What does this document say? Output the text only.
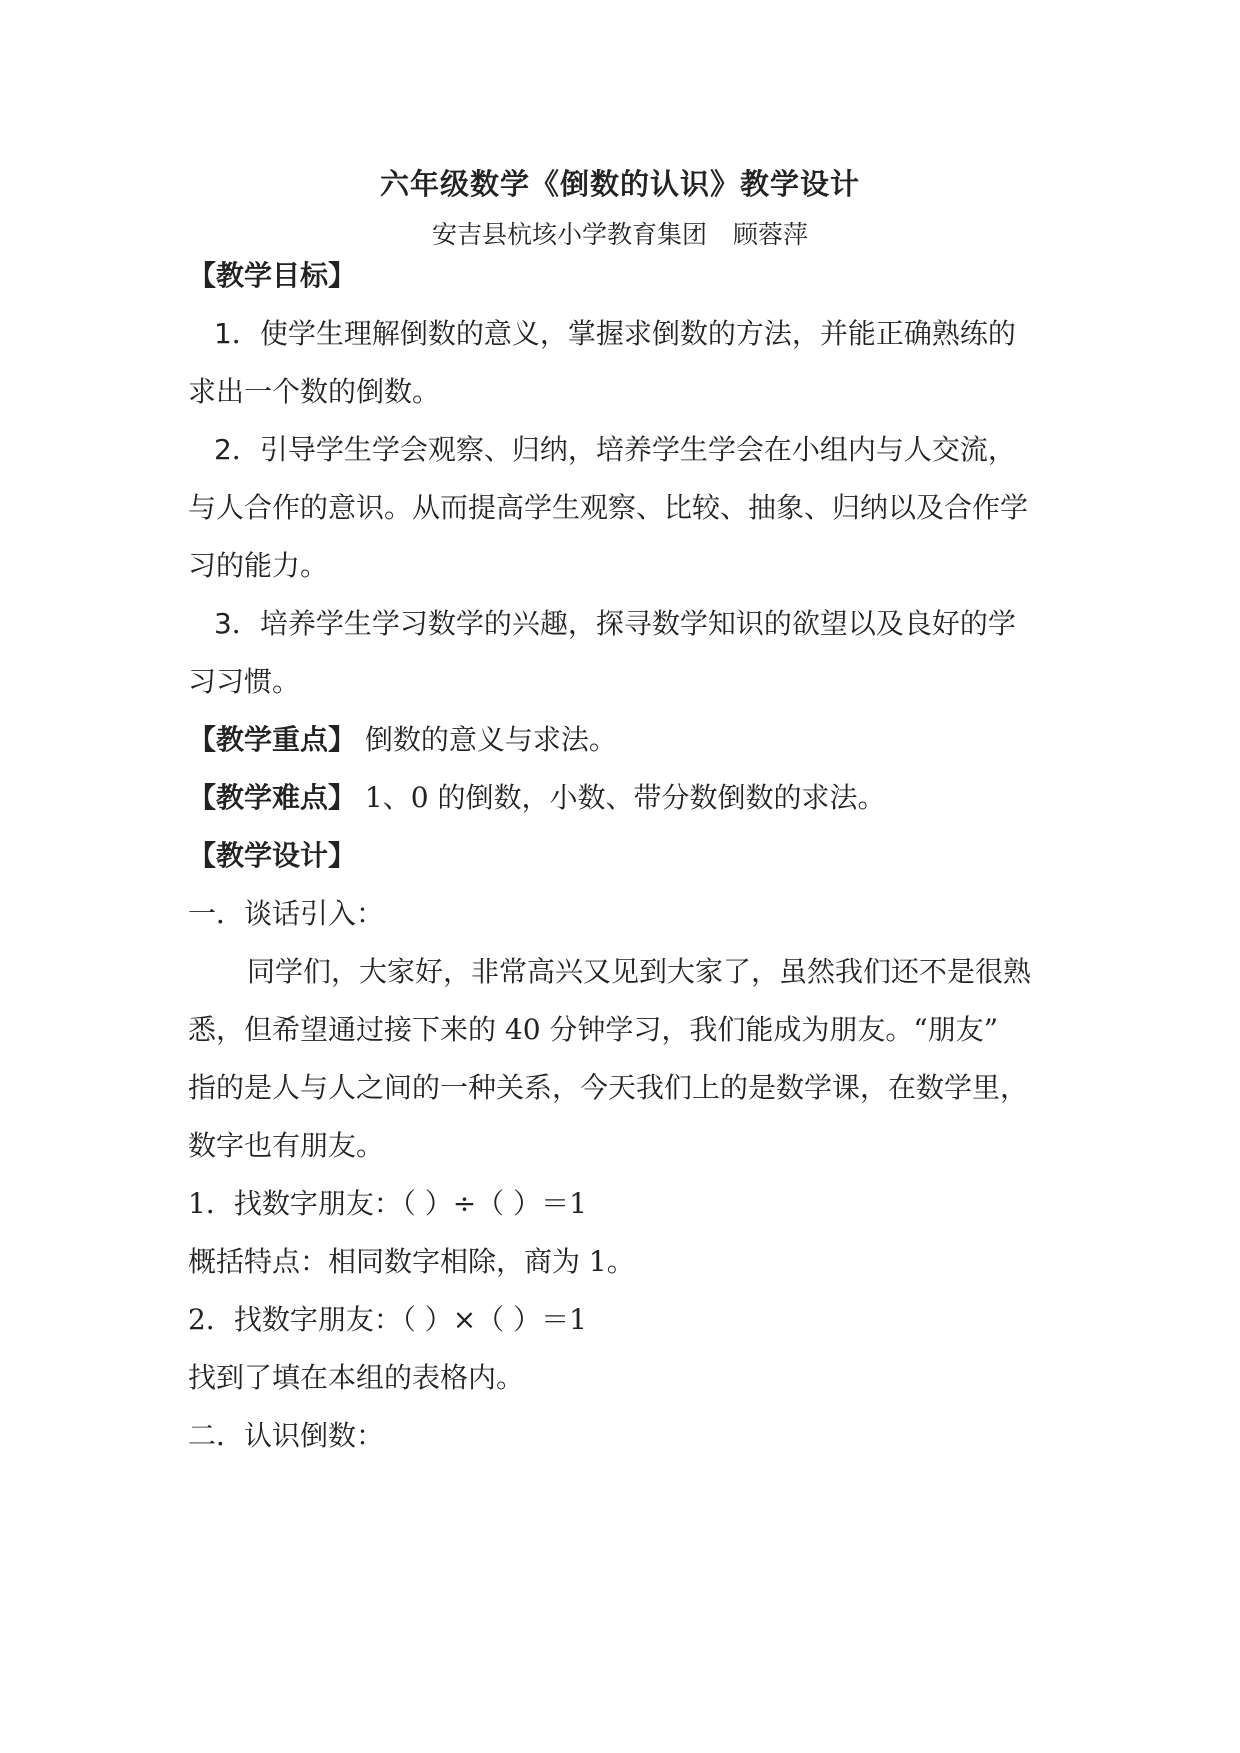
六年级数学《倒数的认识》教学设计
安吉县杭垓小学教育集团 顾蓉萍
【教学目标】
1．使学生理解倒数的意义，掌握求倒数的方法，并能正确熟练的
求出一个数的倒数。
2．引导学生学会观察、归纳，培养学生学会在小组内与人交流，
与人合作的意识。从而提高学生观察、比较、抽象、归纳以及合作学
习的能力。
3．培养学生学习数学的兴趣，探寻数学知识的欲望以及良好的学
习习惯。
【教学重点】 倒数的意义与求法。
【教学难点】 1、0 的倒数，小数、带分数倒数的求法。
【教学设计】
一．谈话引入：
同学们，大家好，非常高兴又见到大家了，虽然我们还不是很熟
悉，但希望通过接下来的 40 分钟学习，我们能成为朋友。“朋友”
指的是人与人之间的一种关系，今天我们上的是数学课，在数学里，
数字也有朋友。
1．找数字朋友：（ ）÷（ ）＝1
概括特点：相同数字相除，商为 1。
2．找数字朋友：（ ）×（ ）＝1
找到了填在本组的表格内。
二．认识倒数：
